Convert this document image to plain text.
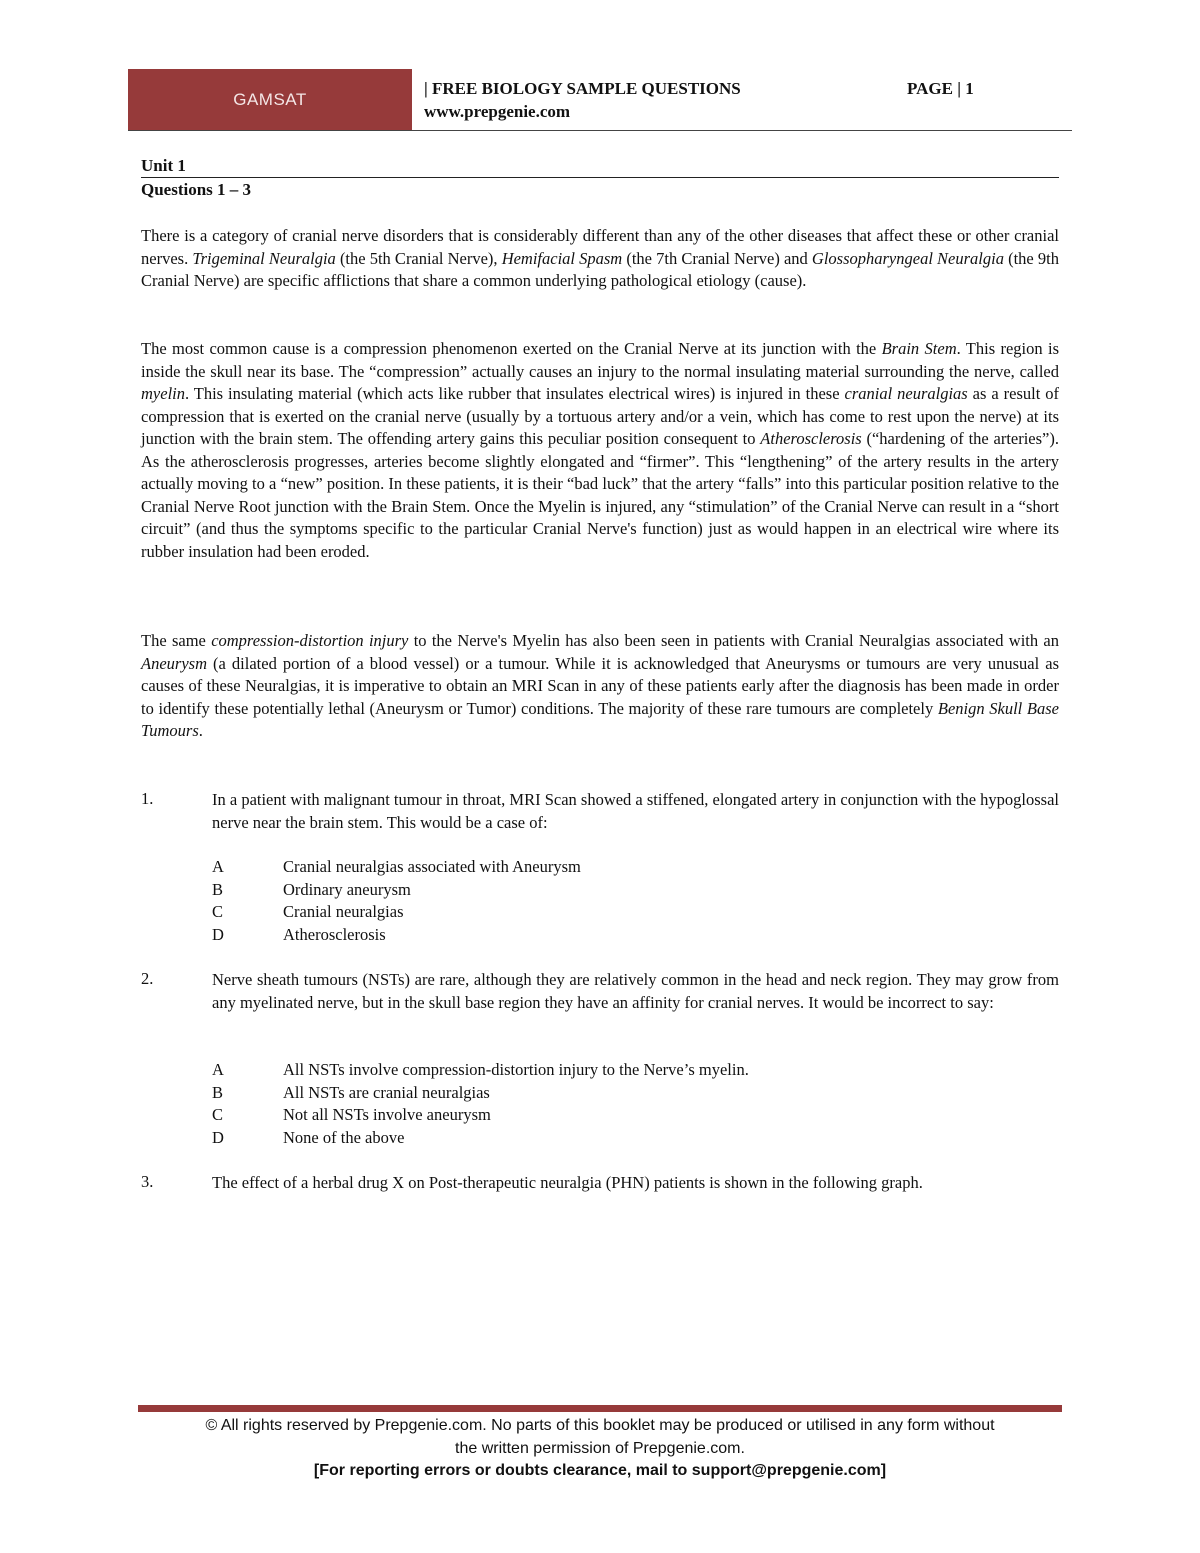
GAMSAT
| FREE BIOLOGY SAMPLE QUESTIONS
www.prepgenie.com
PAGE | 1
Unit 1
Questions 1 – 3

There is a category of cranial nerve disorders that is considerably different than any of the other diseases that affect these or other cranial nerves. Trigeminal Neuralgia (the 5th Cranial Nerve), Hemifacial Spasm (the 7th Cranial Nerve) and Glossopharyngeal Neuralgia (the 9th Cranial Nerve) are specific afflictions that share a common underlying pathological etiology (cause).

The most common cause is a compression phenomenon exerted on the Cranial Nerve at its junction with the Brain Stem. This region is inside the skull near its base. The “compression” actually causes an injury to the normal insulating material surrounding the nerve, called myelin. This insulating material (which acts like rubber that insulates electrical wires) is injured in these cranial neuralgias as a result of compression that is exerted on the cranial nerve (usually by a tortuous artery and/or a vein, which has come to rest upon the nerve) at its junction with the brain stem. The offending artery gains this peculiar position consequent to Atherosclerosis (“hardening of the arteries”). As the atherosclerosis progresses, arteries become slightly elongated and “firmer”. This “lengthening” of the artery results in the artery actually moving to a “new” position. In these patients, it is their “bad luck” that the artery “falls” into this particular position relative to the Cranial Nerve Root junction with the Brain Stem. Once the Myelin is injured, any “stimulation” of the Cranial Nerve can result in a “short circuit” (and thus the symptoms specific to the particular Cranial Nerve's function) just as would happen in an electrical wire where its rubber insulation had been eroded.

The same compression-distortion injury to the Nerve's Myelin has also been seen in patients with Cranial Neuralgias associated with an Aneurysm (a dilated portion of a blood vessel) or a tumour. While it is acknowledged that Aneurysms or tumours are very unusual as causes of these Neuralgias, it is imperative to obtain an MRI Scan in any of these patients early after the diagnosis has been made in order to identify these potentially lethal (Aneurysm or Tumor) conditions. The majority of these rare tumours are completely Benign Skull Base Tumours.

1.	In a patient with malignant tumour in throat, MRI Scan showed a stiffened, elongated artery in conjunction with the hypoglossal nerve near the brain stem. This would be a case of:

A	Cranial neuralgias associated with Aneurysm
B	Ordinary aneurysm
C	Cranial neuralgias
D	Atherosclerosis
2.	Nerve sheath tumours (NSTs) are rare, although they are relatively common in the head and neck region. They may grow from any myelinated nerve, but in the skull base region they have an affinity for cranial nerves. It would be incorrect to say:

A	All NSTs involve compression-distortion injury to the Nerve’s myelin.
B	All NSTs are cranial neuralgias
C	Not all NSTs involve aneurysm
D	None of the above
3.	The effect of a herbal drug X on Post-therapeutic neuralgia (PHN) patients is shown in the following graph.

© All rights reserved by Prepgenie.com. No parts of this booklet may be produced or utilised in any form without
the written permission of Prepgenie.com.
[For reporting errors or doubts clearance, mail to support@prepgenie.com]
